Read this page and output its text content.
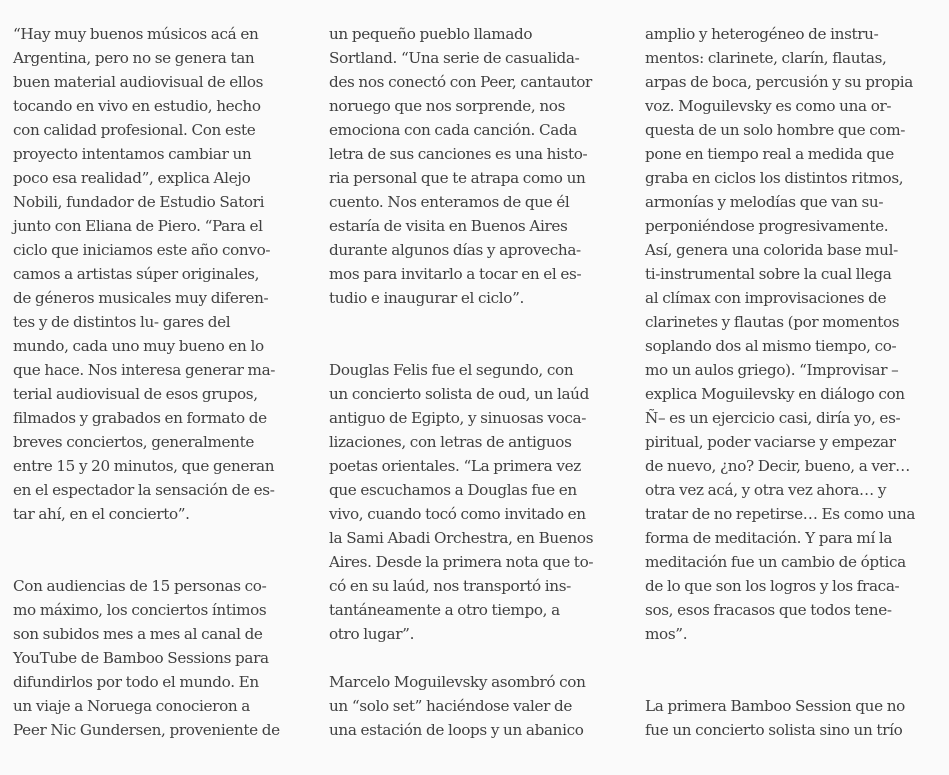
“Hay muy buenos músicos acá en
Argentina, pero no se genera tan
buen material audiovisual de ellos
tocando en vivo en estudio, hecho
con calidad profesional. Con este
proyecto intentamos cambiar un
poco esa realidad”, explica Alejo
Nobili, fundador de Estudio Satori
junto con Eliana de Piero. “Para el
ciclo que iniciamos este año convo-
camos a artistas súper originales,
de géneros musicales muy diferen-
tes y de distintos lu- gares del
mundo, cada uno muy bueno en lo
que hace. Nos interesa generar ma-
terial audiovisual de esos grupos,
filmados y grabados en formato de
breves conciertos, generalmente
entre 15 y 20 minutos, que generan
en el espectador la sensación de es-
tar ahí, en el concierto”.

Con audiencias de 15 personas co-
mo máximo, los conciertos íntimos
son subidos mes a mes al canal de
YouTube de Bamboo Sessions para
difundirlos por todo el mundo. En
un viaje a Noruega conocieron a
Peer Nic Gundersen, proveniente de

un pequeño pueblo llamado
Sortland. “Una serie de casualida-
des nos conectó con Peer, cantautor
noruego que nos sorprende, nos
emociona con cada canción. Cada
letra de sus canciones es una histo-
ria personal que te atrapa como un
cuento. Nos enteramos de que él
estaría de visita en Buenos Aires
durante algunos días y aprovecha-
mos para invitarlo a tocar en el es-
tudio e inaugurar el ciclo”.

Douglas Felis fue el segundo, con
un concierto solista de oud, un laúd
antiguo de Egipto, y sinuosas voca-
lizaciones, con letras de antiguos
poetas orientales. “La primera vez
que escuchamos a Douglas fue en
vivo, cuando tocó como invitado en
la Sami Abadi Orchestra, en Buenos
Aires. Desde la primera nota que to-
có en su laúd, nos transportó ins-
tantáneamente a otro tiempo, a
otro lugar”.

Marcelo Moguilevsky asombró con
un “solo set” haciéndose valer de
una estación de loops y un abanico

amplio y heterogéneo de instru-
mentos: clarinete, clarín, flautas,
arpas de boca, percusión y su propia
voz. Moguilevsky es como una or-
questa de un solo hombre que com-
pone en tiempo real a medida que
graba en ciclos los distintos ritmos,
armonías y melodías que van su-
perponiéndose progresivamente.
Así, genera una colorida base mul-
ti-instrumental sobre la cual llega
al clímax con improvisaciones de
clarinetes y flautas (por momentos
soplando dos al mismo tiempo, co-
mo un aulos griego). “Improvisar –
explica Moguilevsky en diálogo con
Ñ– es un ejercicio casi, diría yo, es-
piritual, poder vaciarse y empezar
de nuevo, ¿no? Decir, bueno, a ver…
otra vez acá, y otra vez ahora… y
tratar de no repetirse… Es como una
forma de meditación. Y para mí la
meditación fue un cambio de óptica
de lo que son los logros y los fraca-
sos, esos fracasos que todos tene-
mos”.

La primera Bamboo Session que no
fue un concierto solista sino un trío
